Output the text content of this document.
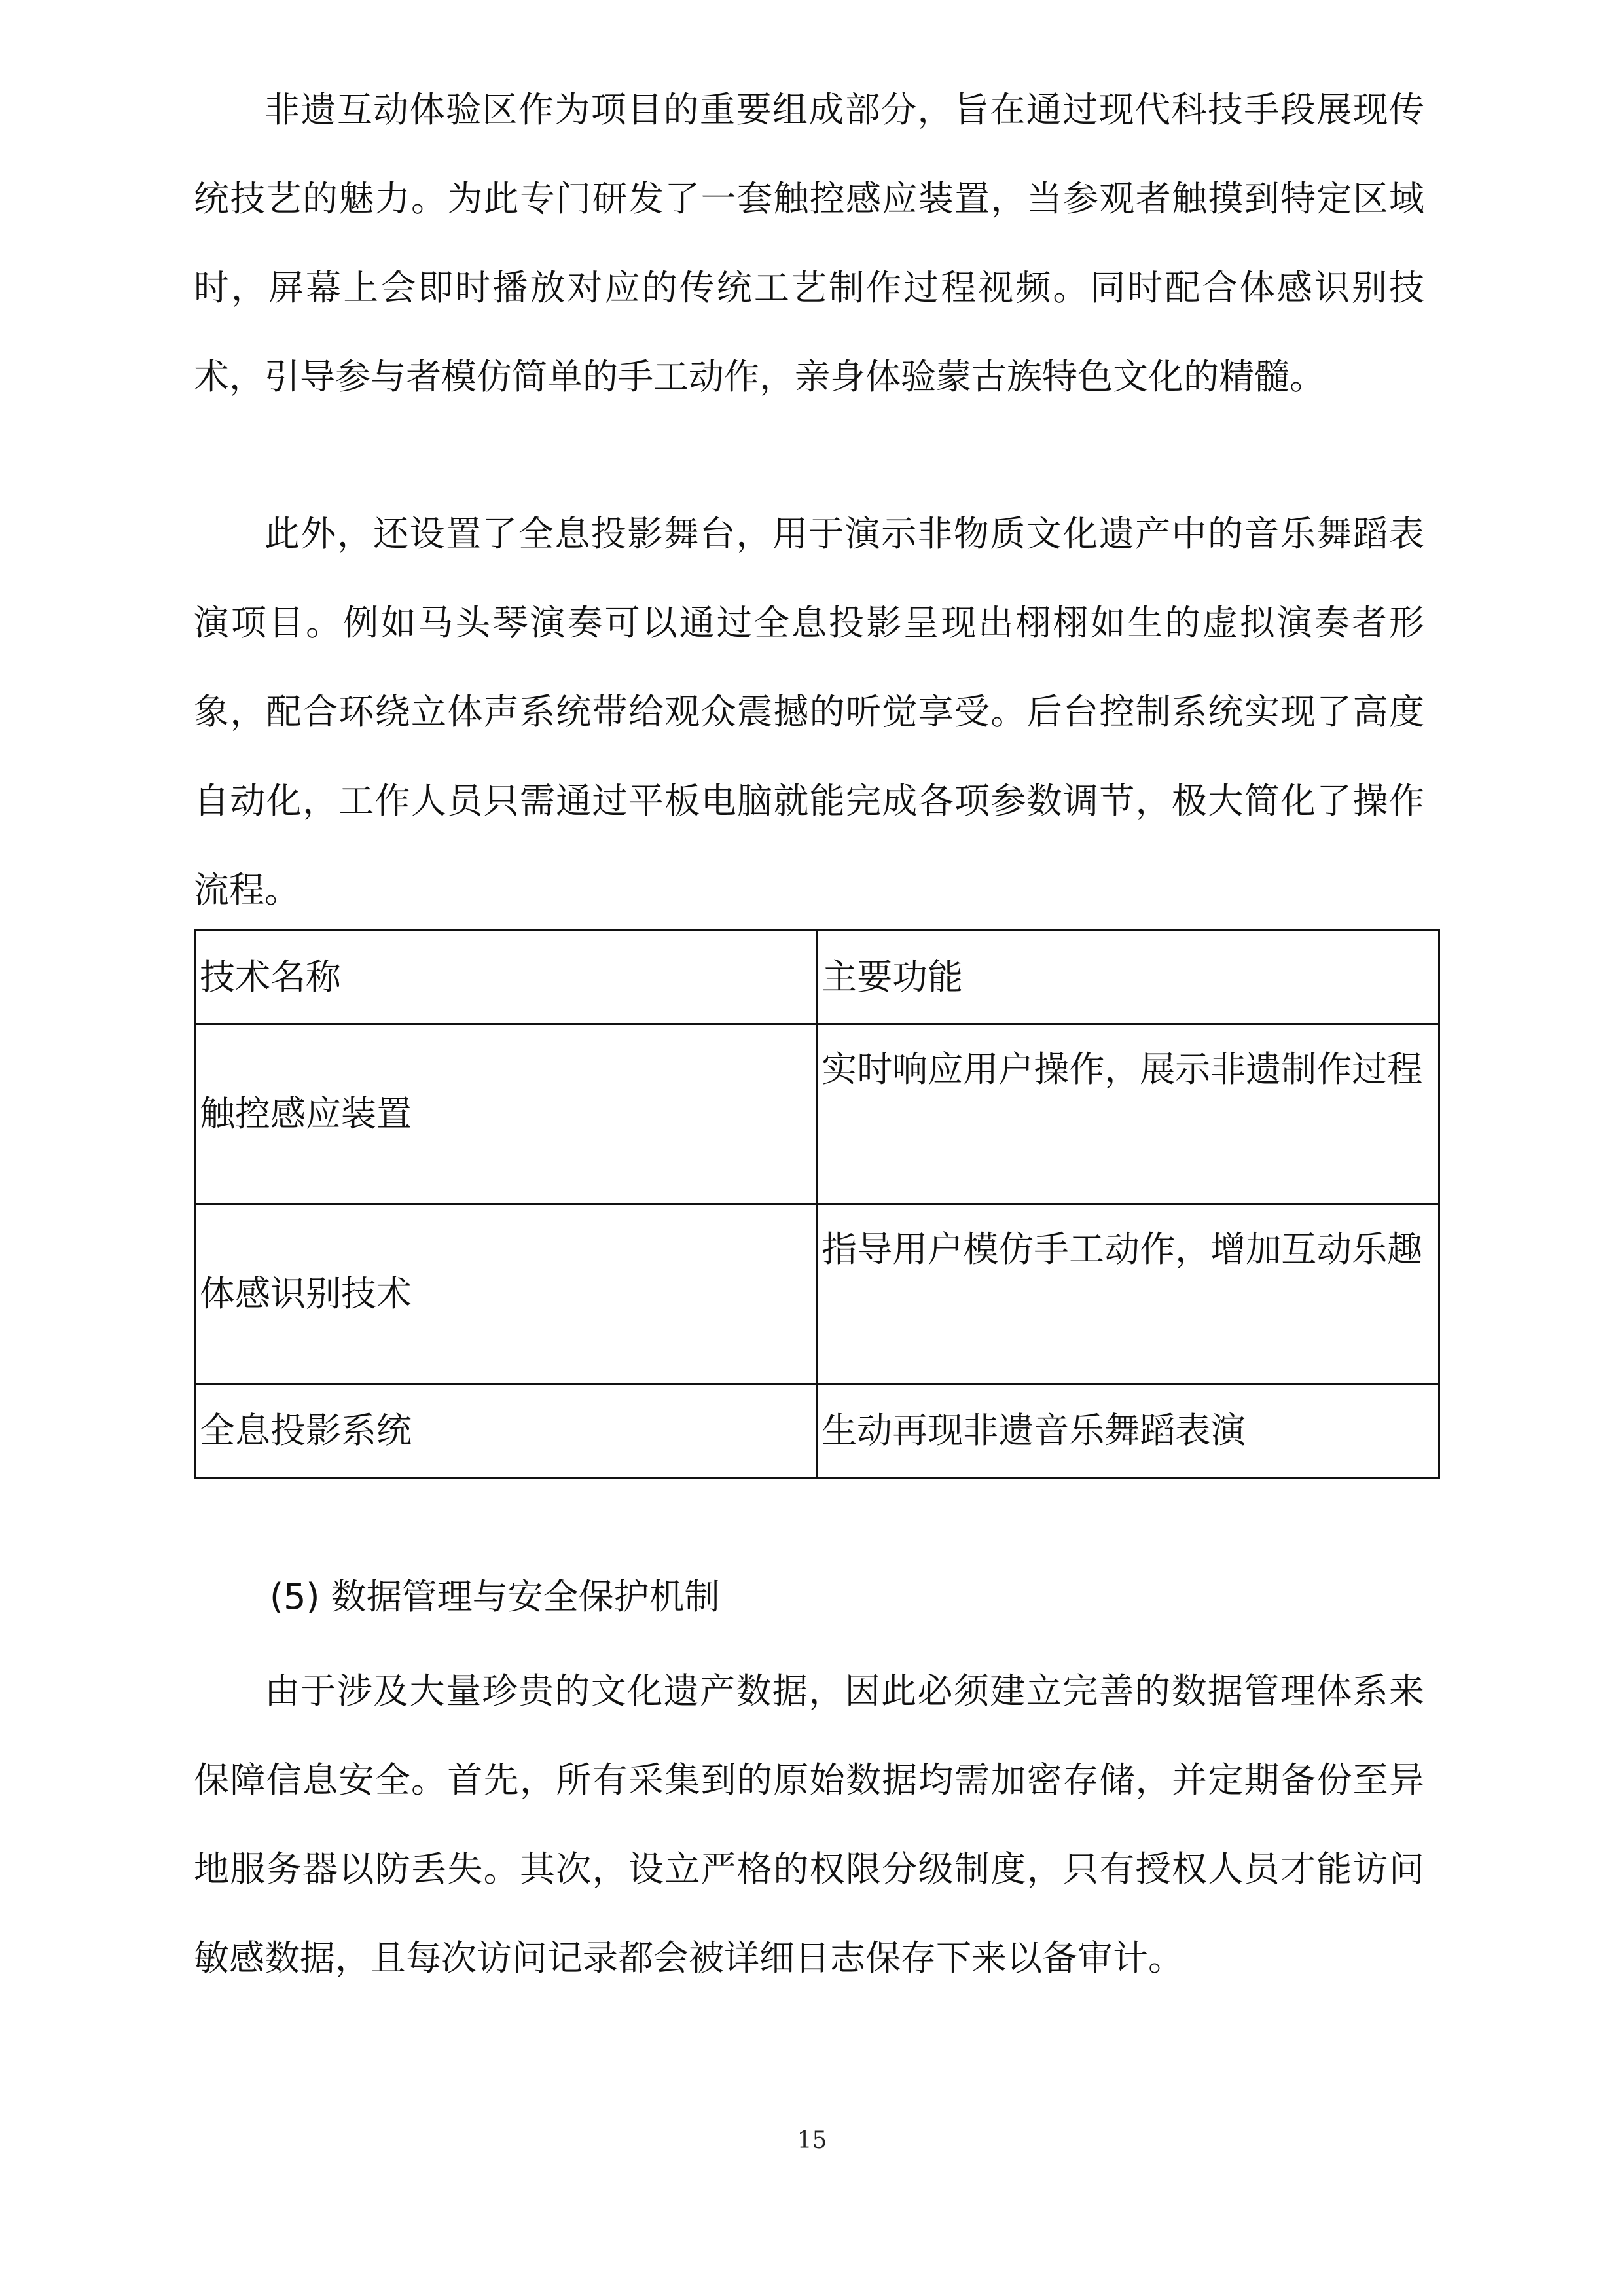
非遗互动体验区作为项目的重要组成部分，旨在通过现代科技手段展现传统技艺的魅力。为此专门研发了一套触控感应装置，当参观者触摸到特定区域时，屏幕上会即时播放对应的传统工艺制作过程视频。同时配合体感识别技术，引导参与者模仿简单的手工动作，亲身体验蒙古族特色文化的精髓。

此外，还设置了全息投影舞台，用于演示非物质文化遗产中的音乐舞蹈表演项目。例如马头琴演奏可以通过全息投影呈现出栩栩如生的虚拟演奏者形象，配合环绕立体声系统带给观众震撼的听觉享受。后台控制系统实现了高度自动化，工作人员只需通过平板电脑就能完成各项参数调节，极大简化了操作流程。

技术名称	主要功能
触控感应装置	实时响应用户操作，展示非遗制作过程
体感识别技术	指导用户模仿手工动作，增加互动乐趣
全息投影系统	生动再现非遗音乐舞蹈表演

(5) 数据管理与安全保护机制

由于涉及大量珍贵的文化遗产数据，因此必须建立完善的数据管理体系来保障信息安全。首先，所有采集到的原始数据均需加密存储，并定期备份至异地服务器以防丢失。其次，设立严格的权限分级制度，只有授权人员才能访问敏感数据，且每次访问记录都会被详细日志保存下来以备审计。

15
